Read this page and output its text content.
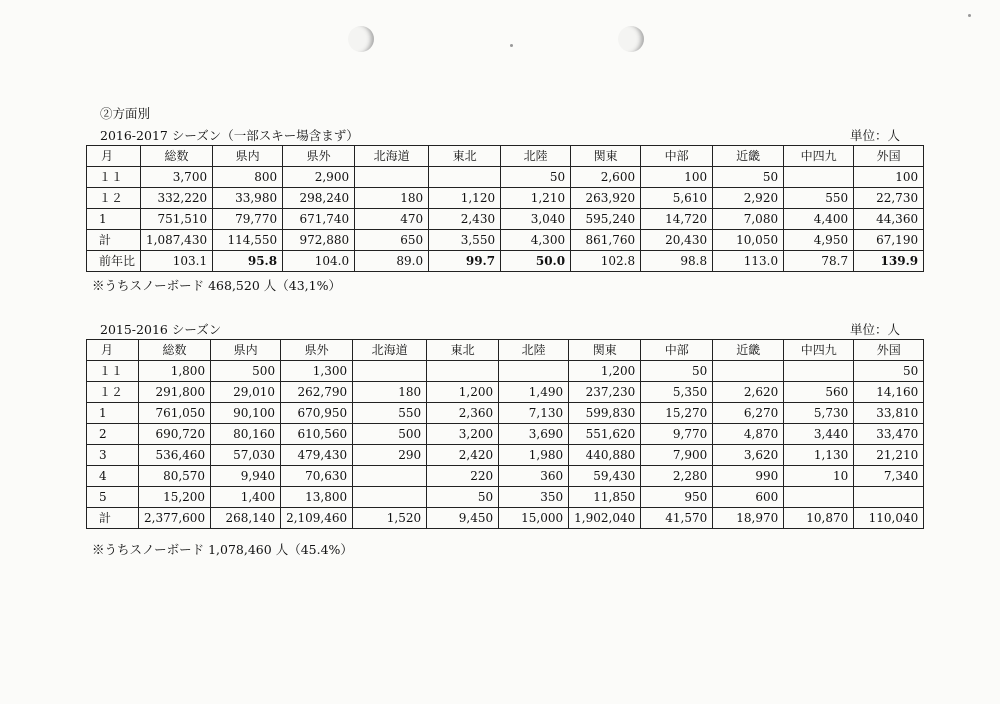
②方面別
2016-2017 シーズン（一部スキー場含まず）	単位：人
月	総数	県内	県外	北海道	東北	北陸	関東	中部	近畿	中四九	外国
１１	3,700	800	2,900			50	2,600	100	50		100
１２	332,220	33,980	298,240	180	1,120	1,210	263,920	5,610	2,920	550	22,730
1	751,510	79,770	671,740	470	2,430	3,040	595,240	14,720	7,080	4,400	44,360
計	1,087,430	114,550	972,880	650	3,550	4,300	861,760	20,430	10,050	4,950	67,190
前年比	103.1	95.8	104.0	89.0	99.7	50.0	102.8	98.8	113.0	78.7	139.9
※うちスノーボード 468,520 人（43,1%）
2015-2016 シーズン	単位：人
月	総数	県内	県外	北海道	東北	北陸	関東	中部	近畿	中四九	外国
１１	1,800	500	1,300				1,200	50			50
１２	291,800	29,010	262,790	180	1,200	1,490	237,230	5,350	2,620	560	14,160
1	761,050	90,100	670,950	550	2,360	7,130	599,830	15,270	6,270	5,730	33,810
2	690,720	80,160	610,560	500	3,200	3,690	551,620	9,770	4,870	3,440	33,470
3	536,460	57,030	479,430	290	2,420	1,980	440,880	7,900	3,620	1,130	21,210
4	80,570	9,940	70,630		220	360	59,430	2,280	990	10	7,340
5	15,200	1,400	13,800		50	350	11,850	950	600		
計	2,377,600	268,140	2,109,460	1,520	9,450	15,000	1,902,040	41,570	18,970	10,870	110,040
※うちスノーボード 1,078,460 人（45.4%）
